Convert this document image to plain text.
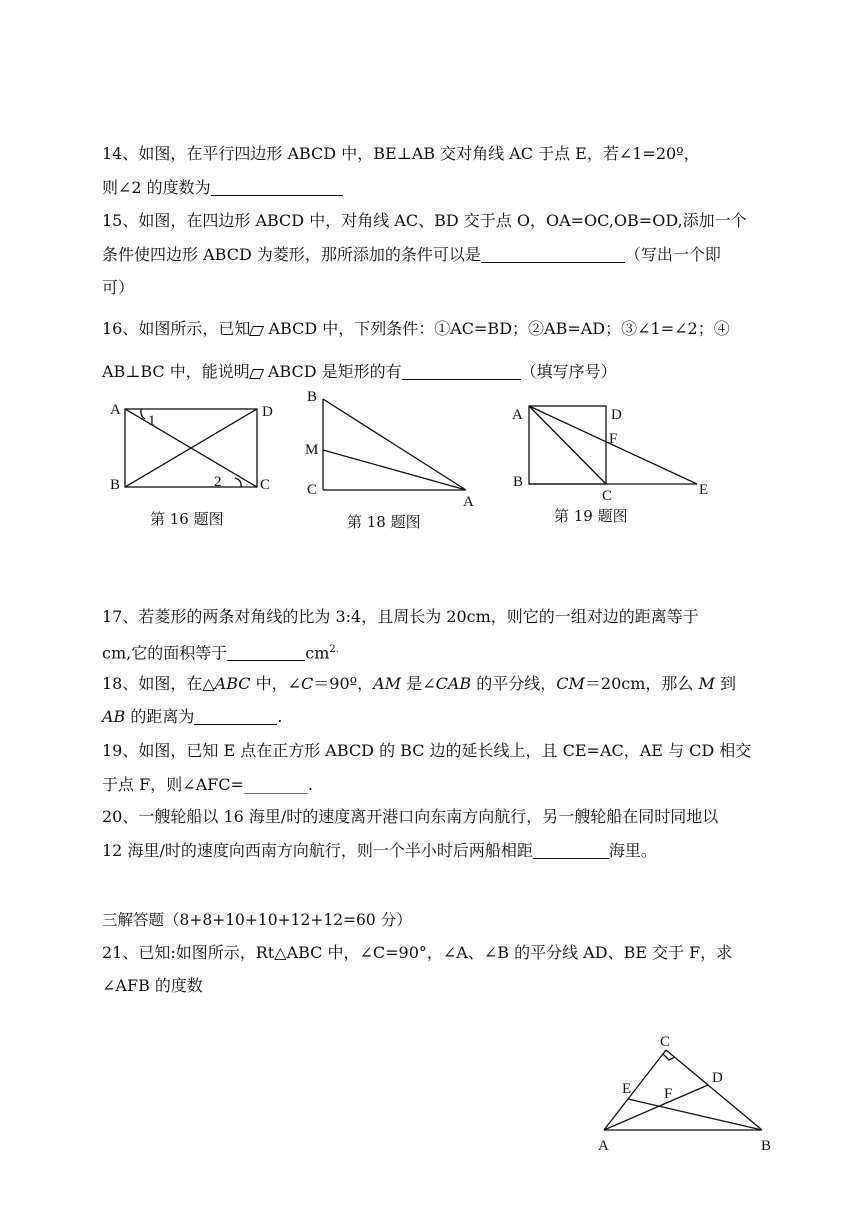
14、如图，在平行四边形 ABCD 中，BE⊥AB 交对角线 AC 于点 E，若∠1=20º，
则∠2 的度数为
15、如图，在四边形 ABCD 中，对角线 AC、BD 交于点 O，OA=OC,OB=OD,添加一个
条件使四边形 ABCD 为菱形，那所添加的条件可以是	（写出一个即
可）
16、如图所示，已知 ABCD 中，下列条件：①AC=BD；②AB=AD；③∠1=∠2；④
AB⊥BC 中，能说明 ABCD 是矩形的有	（填写序号）
A
B	C
D
1
2
第 16 题图
B
M
C
A
第 18 题图
A	D
F
B
C	E
第 19 题图
17、若菱形的两条对角线的比为 3:4，且周长为 20cm，则它的一组对边的距离等于
cm,它的面积等于	$cm^{2.}$
18、如图，在△ABC 中，∠C＝90º，AM 是∠CAB 的平分线，CM＝20cm，那么 M 到
AB 的距离为	.
19、如图，已知 E 点在正方形 ABCD 的 BC 边的延长线上，且 CE=AC，AE 与 CD 相交
于点 F，则∠AFC=________.
20、一艘轮船以 16 海里/时的速度离开港口向东南方向航行，另一艘轮船在同时同地以
12 海里/时的速度向西南方向航行，则一个半小时后两船相距	海里。
三解答题（8+8+10+10+12+12=60 分）
21、已知:如图所示，Rt△ABC 中，∠C=90°，∠A、∠B 的平分线 AD、BE 交于 F，求
∠AFB 的度数
C
E F
D
A	B
